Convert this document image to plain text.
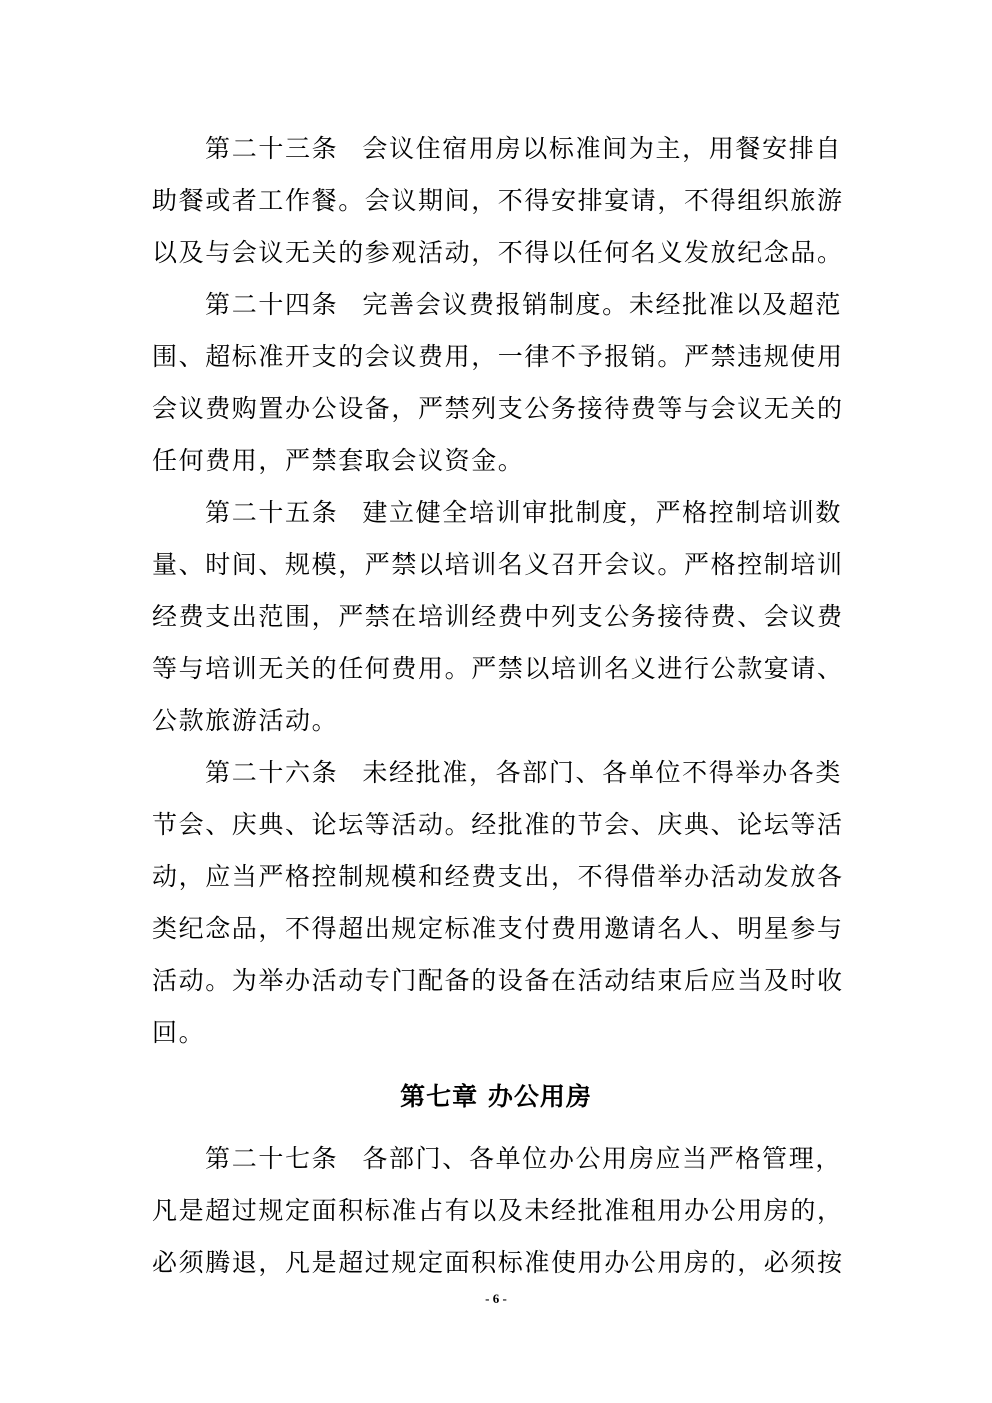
第二十三条 会议住宿用房以标准间为主，用餐安排自
助餐或者工作餐。会议期间，不得安排宴请，不得组织旅游
以及与会议无关的参观活动，不得以任何名义发放纪念品。
第二十四条 完善会议费报销制度。未经批准以及超范
围、超标准开支的会议费用，一律不予报销。严禁违规使用
会议费购置办公设备，严禁列支公务接待费等与会议无关的
任何费用，严禁套取会议资金。
第二十五条 建立健全培训审批制度，严格控制培训数
量、时间、规模，严禁以培训名义召开会议。严格控制培训
经费支出范围，严禁在培训经费中列支公务接待费、会议费
等与培训无关的任何费用。严禁以培训名义进行公款宴请、
公款旅游活动。
第二十六条 未经批准，各部门、各单位不得举办各类
节会、庆典、论坛等活动。经批准的节会、庆典、论坛等活
动，应当严格控制规模和经费支出，不得借举办活动发放各
类纪念品，不得超出规定标准支付费用邀请名人、明星参与
活动。为举办活动专门配备的设备在活动结束后应当及时收
回。
第七章 办公用房
第二十七条 各部门、各单位办公用房应当严格管理，
凡是超过规定面积标准占有以及未经批准租用办公用房的，
必须腾退，凡是超过规定面积标准使用办公用房的，必须按
- 6 -
